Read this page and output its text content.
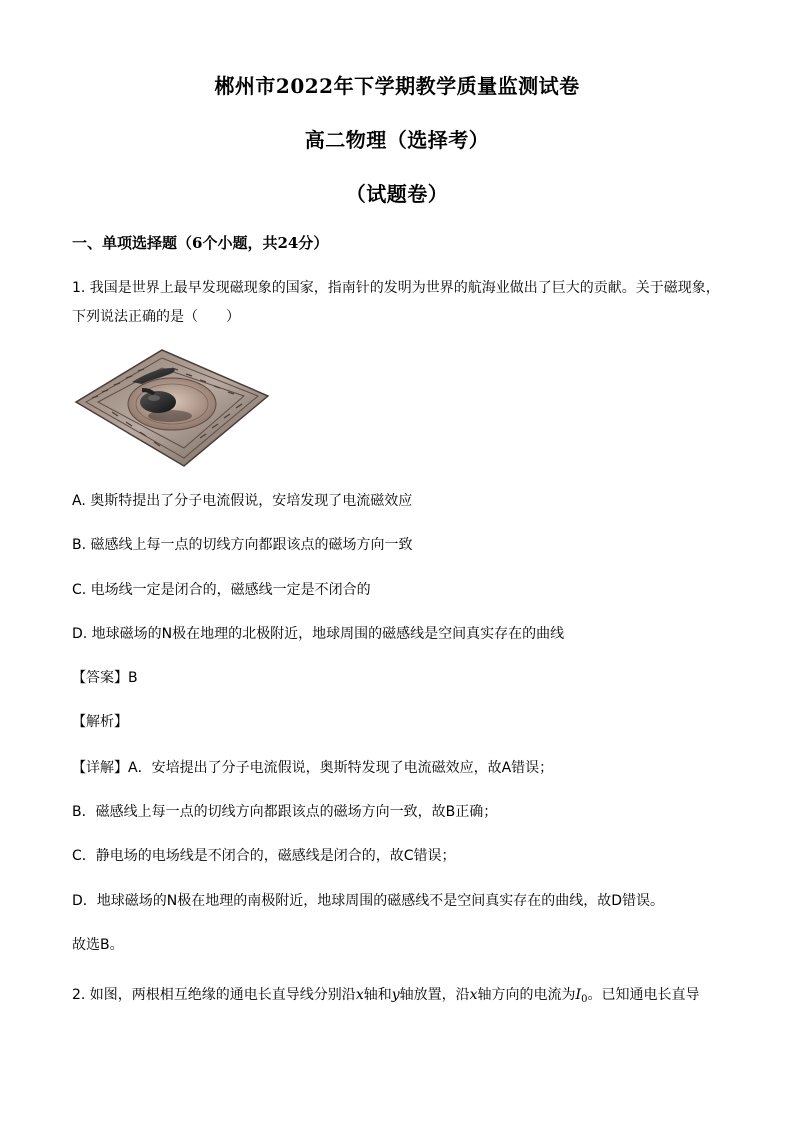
郴州市2022年下学期教学质量监测试卷
高二物理（选择考）
（试题卷）
一、单项选择题（6个小题，共24分）
1. 我国是世界上最早发现磁现象的国家，指南针的发明为世界的航海业做出了巨大的贡献。关于磁现象，
下列说法正确的是（　　）
A. 奥斯特提出了分子电流假说，安培发现了电流磁效应
B. 磁感线上每一点的切线方向都跟该点的磁场方向一致
C. 电场线一定是闭合的，磁感线一定是不闭合的
D. 地球磁场的N极在地理的北极附近，地球周围的磁感线是空间真实存在的曲线
【答案】B
【解析】
【详解】A．安培提出了分子电流假说，奥斯特发现了电流磁效应，故A错误；
B．磁感线上每一点的切线方向都跟该点的磁场方向一致，故B正确；
C．静电场的电场线是不闭合的，磁感线是闭合的，故C错误；
D．地球磁场的N极在地理的南极附近，地球周围的磁感线不是空间真实存在的曲线，故D错误。
故选B。
2. 如图，两根相互绝缘的通电长直导线分别沿x轴和y轴放置，沿x轴方向的电流为$I_0$。已知通电长直导
